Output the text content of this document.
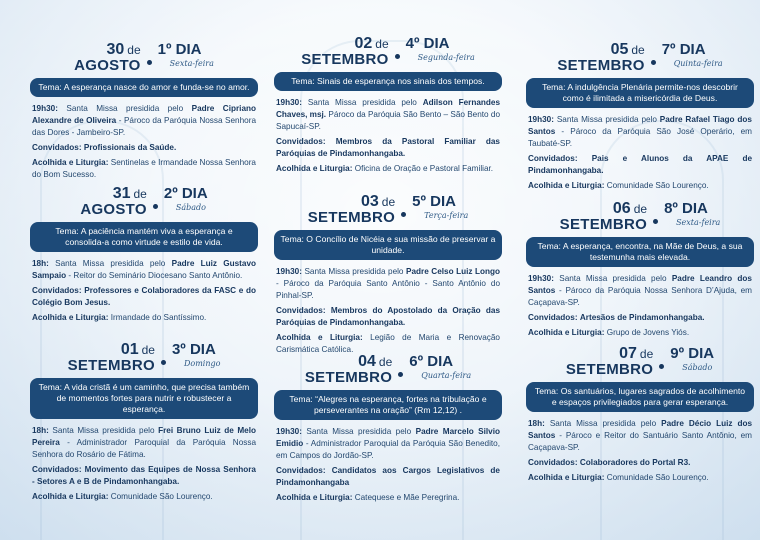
30 de
AGOSTO
1º DIA
Sexta-feira
Tema: A esperança nasce do amor e funda-se no amor.
19h30: Santa Missa presidida pelo Padre Cipriano Alexandre de Oliveira - Pároco da Paróquia Nossa Senhora das Dores - Jambeiro-SP.
Convidados: Profissionais da Saúde.
Acolhida e Liturgia: Sentinelas e Irmandade Nossa Senhora do Bom Sucesso.
31 de
AGOSTO
2º DIA
Sábado
Tema: A paciência mantém viva a esperança e consolida-a como virtude e estilo de vida.
18h: Santa Missa presidida pelo Padre Luiz Gustavo Sampaio - Reitor do Seminário Diocesano Santo Antônio.
Convidados: Professores e Colaboradores da FASC e do Colégio Bom Jesus.
Acolhida e Liturgia: Irmandade do Santíssimo.
01 de
SETEMBRO
3º DIA
Domingo
Tema: A vida cristã é um caminho, que precisa também de momentos fortes para nutrir e robustecer a esperança.
18h: Santa Missa presidida pelo Frei Bruno Luiz de Melo Pereira - Administrador Paroquial da Paróquia Nossa Senhora do Rosário de Fátima.
Convidados: Movimento das Equipes de Nossa Senhora - Setores A e B de Pindamonhangaba.
Acolhida e Liturgia: Comunidade São Lourenço.
02 de
SETEMBRO
4º DIA
Segunda-feira
Tema: Sinais de esperança nos sinais dos tempos.
19h30: Santa Missa presidida pelo Adilson Fernandes Chaves, msj. Pároco da Paróquia São Bento – São Bento do Sapucaí-SP.
Convidados: Membros da Pastoral Familiar das Paróquias de Pindamonhangaba.
Acolhida e Liturgia: Oficina de Oração e Pastoral Familiar.
03 de
SETEMBRO
5º DIA
Terça-feira
Tema: O Concílio de Nicéia e sua missão de preservar a unidade.
19h30: Santa Missa presidida pelo Padre Celso Luiz Longo - Pároco da Paróquia Santo Antônio - Santo Antônio do Pinhal-SP.
Convidados: Membros do Apostolado da Oração das Paróquias de Pindamonhangaba.
Acolhida e Liturgia: Legião de Maria e Renovação Carismática Católica.
04 de
SETEMBRO
6º DIA
Quarta-feira
Tema: “Alegres na esperança, fortes na tribulação e perseverantes na oração” (Rm 12,12) .
19h30: Santa Missa presidida pelo Padre Marcelo Silvio Emidio - Administrador Paroquial da Paróquia São Benedito, em Campos do Jordão-SP.
Convidados: Candidatos aos Cargos Legislativos de Pindamonhangaba
Acolhida e Liturgia: Catequese e Mãe Peregrina.
05 de
SETEMBRO
7º DIA
Quinta-feira
Tema: A indulgência Plenária permite-nos descobrir como é ilimitada a misericórdia de Deus.
19h30: Santa Missa presidida pelo Padre Rafael Tiago dos Santos - Pároco da Paróquia São José Operário, em Taubaté-SP.
Convidados: Pais e Alunos da APAE de Pindamonhangaba.
Acolhida e Liturgia: Comunidade São Lourenço.
06 de
SETEMBRO
8º DIA
Sexta-feira
Tema: A esperança, encontra, na Mãe de Deus, a sua testemunha mais elevada.
19h30: Santa Missa presidida pelo Padre Leandro dos Santos - Pároco da Paróquia Nossa Senhora D’Ajuda, em Caçapava-SP.
Convidados: Artesãos de Pindamonhangaba.
Acolhida e Liturgia: Grupo de Jovens Yiós.
07 de
SETEMBRO
9º DIA
Sábado
Tema: Os santuários, lugares sagrados de acolhimento e espaços privilegiados para gerar esperança.
18h: Santa Missa presidida pelo Padre Décio Luiz dos Santos - Pároco e Reitor do Santuário Santo Antônio, em Caçapava-SP.
Convidados: Colaboradores do Portal R3.
Acolhida e Liturgia: Comunidade São Lourenço.
